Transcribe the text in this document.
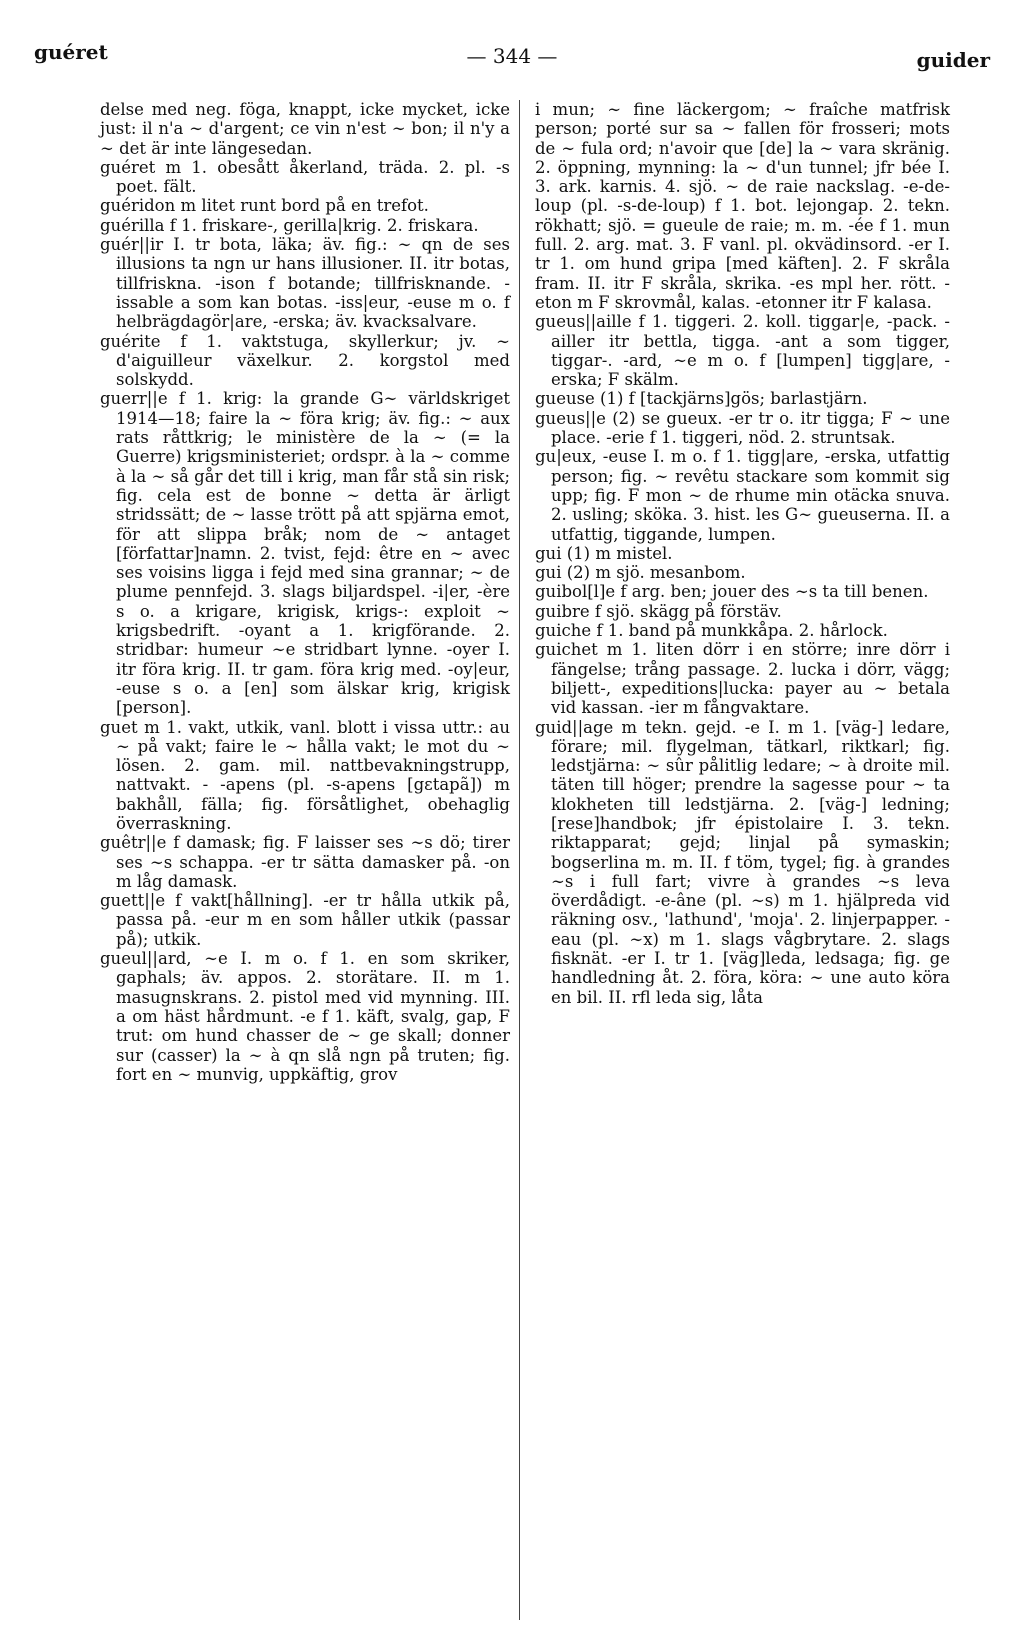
guéret	— 344 —	guider

delse med neg. föga, knappt, icke mycket, icke just: il n'a ∼ d'argent; ce vin n'est ∼ bon; il n'y a ∼ det är inte längesedan.

guéret m 1. obesått åkerland, träda. 2. pl. -s poet. fält.

guéridon m litet runt bord på en trefot.

guérilla f 1. friskare-, gerilla|krig. 2. friskara.

guér||ir I. tr bota, läka; äv. fig.: ∼ qn de ses illusions ta ngn ur hans illusioner. II. itr botas, tillfriskna. -ison f botande; tillfrisknande. -issable a som kan botas. -iss|eur, -euse m o. f helbrägdagör|are, -erska; äv. kvacksalvare.

guérite f 1. vaktstuga, skyllerkur; jv. ∼ d'aiguilleur växelkur. 2. korgstol med solskydd.

guerr||e f 1. krig: la grande G∼ världskriget 1914—18; faire la ∼ föra krig; äv. fig.: ∼ aux rats råttkrig; le ministère de la ∼ (= la Guerre) krigsministeriet; ordspr. à la ∼ comme à la ∼ så går det till i krig, man får stå sin risk; fig. cela est de bonne ∼ detta är ärligt stridssätt; de ∼ lasse trött på att spjärna emot, för att slippa bråk; nom de ∼ antaget [författar]namn. 2. tvist, fejd: être en ∼ avec ses voisins ligga i fejd med sina grannar; ∼ de plume pennfejd. 3. slags biljardspel. -i|er, -ère s o. a krigare, krigisk, krigs-: exploit ∼ krigsbedrift. -oyant a 1. krigförande. 2. stridbar: humeur ∼e stridbart lynne. -oyer I. itr föra krig. II. tr gam. föra krig med. -oy|eur, -euse s o. a [en] som älskar krig, krigisk [person].

guet m 1. vakt, utkik, vanl. blott i vissa uttr.: au ∼ på vakt; faire le ∼ hålla vakt; le mot du ∼ lösen. 2. gam. mil. nattbevakningstrupp, nattvakt. - -apens (pl. -s-apens [gɛtapã]) m bakhåll, fälla; fig. försåtlighet, obehaglig överraskning.

guêtr||e f damask; fig. F laisser ses ∼s dö; tirer ses ∼s schappa. -er tr sätta damasker på. -on m låg damask.

guett||e f vakt[hållning]. -er tr hålla utkik på, passa på. -eur m en som håller utkik (passar på); utkik.

gueul||ard, ∼e I. m o. f 1. en som skriker, gaphals; äv. appos. 2. storätare. II. m 1. masugnskrans. 2. pistol med vid mynning. III. a om häst hårdmunt. -e f 1. käft, svalg, gap, F trut: om hund chasser de ∼ ge skall; donner sur (casser) la ∼ à qn slå ngn på truten; fig. fort en ∼ munvig, uppkäftig, grov

i mun; ∼ fine läckergom; ∼ fraîche matfrisk person; porté sur sa ∼ fallen för frosseri; mots de ∼ fula ord; n'avoir que [de] la ∼ vara skränig. 2. öppning, mynning: la ∼ d'un tunnel; jfr bée I. 3. ark. karnis. 4. sjö. ∼ de raie nackslag. -e-de-loup (pl. -s-de-loup) f 1. bot. lejongap. 2. tekn. rökhatt; sjö. = gueule de raie; m. m. -ée f 1. mun full. 2. arg. mat. 3. F vanl. pl. okvädinsord. -er I. tr 1. om hund gripa [med käften]. 2. F skråla fram. II. itr F skråla, skrika. -es mpl her. rött. -eton m F skrovmål, kalas. -etonner itr F kalasa.

gueus||aille f 1. tiggeri. 2. koll. tiggar|e, -pack. -ailler itr bettla, tigga. -ant a som tigger, tiggar-. -ard, ∼e m o. f [lumpen] tigg|are, -erska; F skälm.

gueuse (1) f [tackjärns]gös; barlastjärn.

gueus||e (2) se gueux. -er tr o. itr tigga; F ∼ une place. -erie f 1. tiggeri, nöd. 2. struntsak.

gu|eux, -euse I. m o. f 1. tigg|are, -erska, utfattig person; fig. ∼ revêtu stackare som kommit sig upp; fig. F mon ∼ de rhume min otäcka snuva. 2. usling; sköka. 3. hist. les G∼ gueuserna. II. a utfattig, tiggande, lumpen.

gui (1) m mistel.

gui (2) m sjö. mesanbom.

guibol[l]e f arg. ben; jouer des ∼s ta till benen.

guibre f sjö. skägg på förstäv.

guiche f 1. band på munkkåpa. 2. hårlock.

guichet m 1. liten dörr i en större; inre dörr i fängelse; trång passage. 2. lucka i dörr, vägg; biljett-, expeditions|lucka: payer au ∼ betala vid kassan. -ier m fångvaktare.

guid||age m tekn. gejd. -e I. m 1. [väg-] ledare, förare; mil. flygelman, tätkarl, riktkarl; fig. ledstjärna: ∼ sûr pålitlig ledare; ∼ à droite mil. täten till höger; prendre la sagesse pour ∼ ta klokheten till ledstjärna. 2. [väg-] ledning; [rese]handbok; jfr épistolaire I. 3. tekn. riktapparat; gejd; linjal på symaskin; bogserlina m. m. II. f töm, tygel; fig. à grandes ∼s i full fart; vivre à grandes ∼s leva överdådigt. -e-âne (pl. ∼s) m 1. hjälpreda vid räkning osv., 'lathund', 'moja'. 2. linjerpapper. -eau (pl. ∼x) m 1. slags vågbrytare. 2. slags fisknät. -er I. tr 1. [väg]leda, ledsaga; fig. ge handledning åt. 2. föra, köra: ∼ une auto köra en bil. II. rfl leda sig, låta
